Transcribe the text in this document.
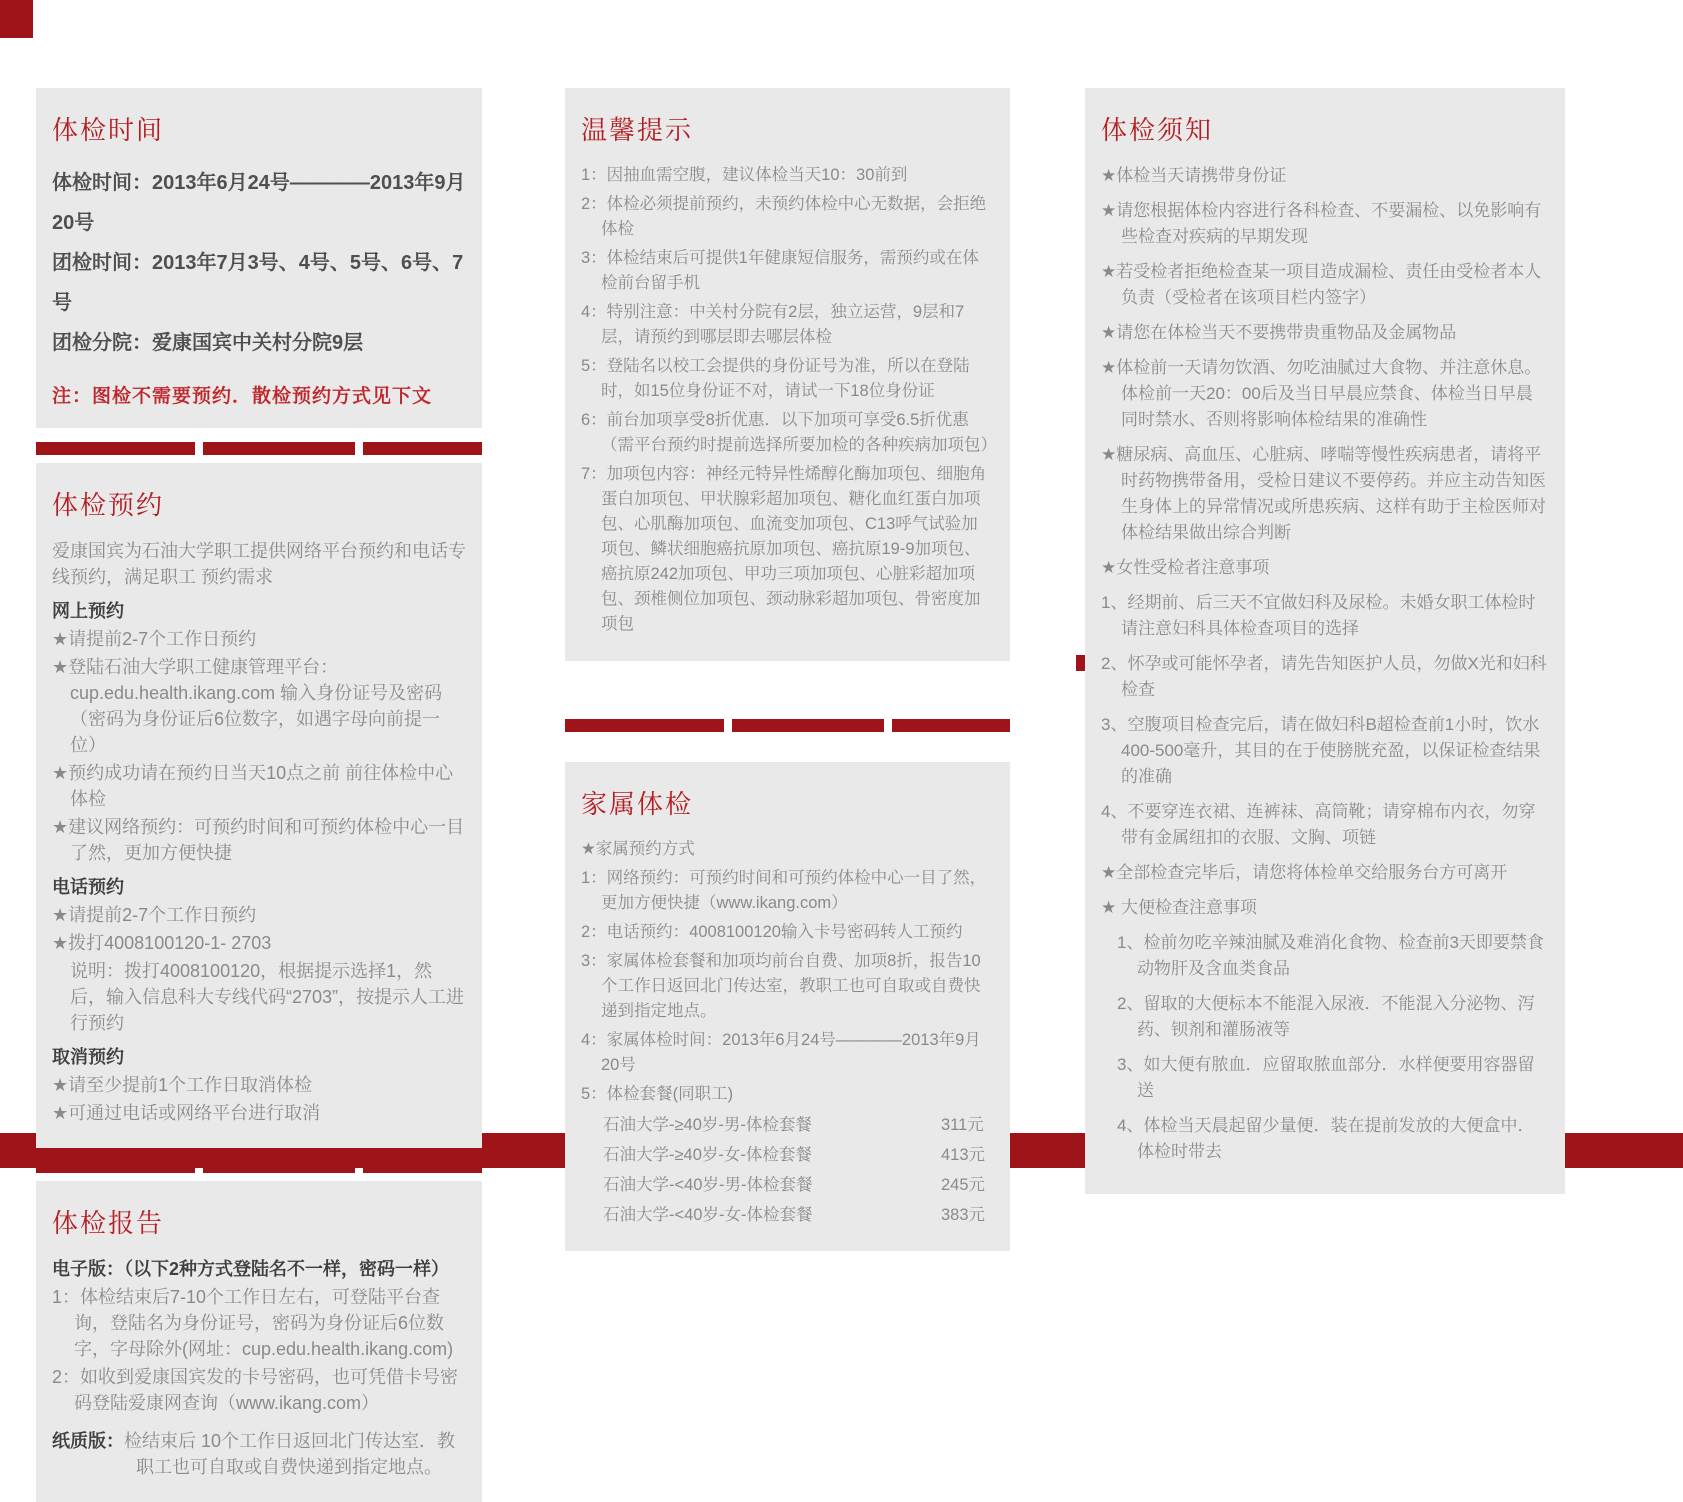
体检时间

体检时间：2013年6月24号————2013年9月20号

团检时间：2013年7月3号、4号、5号、6号、7号

团检分院：爱康国宾中关村分院9层

注：图检不需要预约．散检预约方式见下文

体检预约

爱康国宾为石油大学职工提供网络平台预约和电话专线预约，满足职工 预约需求

网上预约

★请提前2-7个工作日预约

★登陆石油大学职工健康管理平台：cup.edu.health.ikang.com 输入身份证号及密码（密码为身份证后6位数字，如遇字母向前提一位）

★预约成功请在预约日当天10点之前 前往体检中心体检

★建议网络预约：可预约时间和可预约体检中心一目了然，更加方便快捷

电话预约

★请提前2-7个工作日预约

★拨打4008100120-1- 2703

说明：拨打4008100120，根据提示选择1，然后，输入信息科大专线代码“2703”，按提示人工进行预约

取消预约

★请至少提前1个工作日取消体检

★可通过电话或网络平台进行取消

体检报告

电子版：（以下2种方式登陆名不一样，密码一样）

1：体检结束后7-10个工作日左右，可登陆平台查询，登陆名为身份证号，密码为身份证后6位数字，字母除外(网址：cup.edu.health.ikang.com)

2：如收到爱康国宾发的卡号密码，也可凭借卡号密码登陆爱康网查询（www.ikang.com）

纸质版：检结束后 10个工作日返回北门传达室．教职工也可自取或自费快递到指定地点。

温馨提示

1：因抽血需空腹，建议体检当天10：30前到

2：体检必须提前预约，未预约体检中心无数据，会拒绝体检

3：体检结束后可提供1年健康短信服务，需预约或在体检前台留手机

4：特别注意：中关村分院有2层，独立运营，9层和7层，请预约到哪层即去哪层体检

5：登陆名以校工会提供的身份证号为准，所以在登陆时，如15位身份证不对，请试一下18位身份证

6：前台加项享受8折优惠．以下加项可享受6.5折优惠（需平台预约时提前选择所要加检的各种疾病加项包）

7：加项包内容：神经元特异性烯醇化酶加项包、细胞角蛋白加项包、甲状腺彩超加项包、糖化血红蛋白加项包、心肌酶加项包、血流变加项包、C13呼气试验加项包、鳞状细胞癌抗原加项包、癌抗原19-9加项包、癌抗原242加项包、甲功三项加项包、心脏彩超加项包、颈椎侧位加项包、颈动脉彩超加项包、骨密度加项包

家属体检

★家属预约方式

1：网络预约：可预约时间和可预约体检中心一目了然，更加方便快捷（www.ikang.com）

2：电话预约：4008100120输入卡号密码转人工预约

3：家属体检套餐和加项均前台自费、加项8折，报告10个工作日返回北门传达室，教职工也可自取或自费快递到指定地点。

4：家属体检时间：2013年6月24号————2013年9月20号

5：体检套餐(同职工)

石油大学-≥40岁-男-体检套餐	311元
石油大学-≥40岁-女-体检套餐	413元
石油大学-<40岁-男-体检套餐	245元
石油大学-<40岁-女-体检套餐	383元
体检须知

★体检当天请携带身份证

★请您根据体检内容进行各科检查、不要漏检、以免影响有些检查对疾病的早期发现

★若受检者拒绝检查某一项目造成漏检、责任由受检者本人负责（受检者在该项目栏内签字）

★请您在体检当天不要携带贵重物品及金属物品

★体检前一天请勿饮酒、勿吃油腻过大食物、并注意休息。体检前一天20：00后及当日早晨应禁食、体检当日早晨同时禁水、否则将影响体检结果的准确性

★糖尿病、高血压、心脏病、哮喘等慢性疾病患者，请将平时药物携带备用，受检日建议不要停药。并应主动告知医生身体上的异常情况或所患疾病、这样有助于主检医师对体检结果做出综合判断

★女性受检者注意事项

1、经期前、后三天不宜做妇科及尿检。未婚女职工体检时请注意妇科具体检查项目的选择

2、怀孕或可能怀孕者，请先告知医护人员，勿做X光和妇科检查

3、空腹项目检查完后，请在做妇科B超检查前1小时，饮水400-500毫升，其目的在于使膀胱充盈，以保证检查结果的准确

4、不要穿连衣裙、连裤袜、高筒靴；请穿棉布内衣，勿穿带有金属纽扣的衣服、文胸、项链

★全部检查完毕后，请您将体检单交给服务台方可离开

★ 大便检查注意事项

1、检前勿吃辛辣油腻及难消化食物、检查前3天即要禁食动物肝及含血类食品

2、留取的大便标本不能混入尿液．不能混入分泌物、泻药、钡剂和灌肠液等

3、如大便有脓血．应留取脓血部分．水样便要用容器留送

4、体检当天晨起留少量便．装在提前发放的大便盒中．体检时带去
